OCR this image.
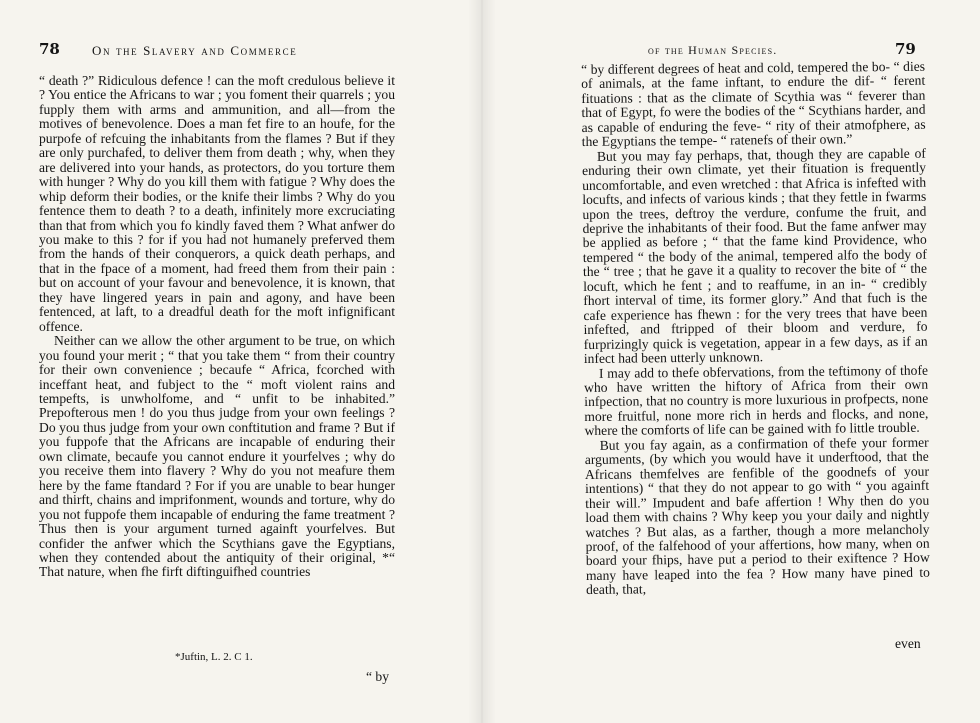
78 On the Slavery and Commerce

“ death ?” Ridiculous defence ! can the moft credulous believe it ? You entice the Africans to war ; you foment their quarrels ; you fupply them with arms and ammunition, and all—from the motives of benevolence. Does a man fet fire to an houfe, for the purpofe of refcuing the inhabitants from the flames ? But if they are only purchafed, to deliver them from death ; why, when they are delivered into your hands, as protectors, do you torture them with hunger ? Why do you kill them with fatigue ? Why does the whip deform their bodies, or the knife their limbs ? Why do you fentence them to death ? to a death, infinitely more excruciating than that from which you fo kindly faved them ? What anfwer do you make to this ? for if you had not humanely preferved them from the hands of their conquerors, a quick death perhaps, and that in the fpace of a moment, had freed them from their pain : but on account of your favour and benevolence, it is known, that they have lingered years in pain and agony, and have been fentenced, at laft, to a dreadful death for the moft infignificant offence.

Neither can we allow the other argument to be true, on which you found your merit ; “ that you take them “ from their country for their own convenience ; becaufe “ Africa, fcorched with inceffant heat, and fubject to the “ moft violent rains and tempefts, is unwholfome, and “ unfit to be inhabited.” Prepofterous men ! do you thus judge from your own feelings ? Do you thus judge from your own conftitution and frame ? But if you fuppofe that the Africans are incapable of enduring their own climate, becaufe you cannot endure it yourfelves ; why do you receive them into flavery ? Why do you not meafure them here by the fame ftandard ? For if you are unable to bear hunger and thirft, chains and imprifonment, wounds and torture, why do you not fuppofe them incapable of enduring the fame treatment ? Thus then is your argument turned againft yourfelves. But confider the anfwer which the Scythians gave the Egyptians, when they contended about the antiquity of their original, *“ That nature, when fhe firft diftinguifhed countries

*Juftin, L. 2. C 1.
“ by
of the Human Species.	79

“ by different degrees of heat and cold, tempered the bo- “ dies of animals, at the fame inftant, to endure the dif- “ ferent fituations : that as the climate of Scythia was “ feverer than that of Egypt, fo were the bodies of the “ Scythians harder, and as capable of enduring the feve- “ rity of their atmofphere, as the Egyptians the tempe- “ ratenefs of their own.”

But you may fay perhaps, that, though they are capable of enduring their own climate, yet their fituation is frequently uncomfortable, and even wretched : that Africa is infefted with locufts, and infects of various kinds ; that they fettle in fwarms upon the trees, deftroy the verdure, confume the fruit, and deprive the inhabitants of their food. But the fame anfwer may be applied as before ; “ that the fame kind Providence, who tempered “ the body of the animal, tempered alfo the body of the “ tree ; that he gave it a quality to recover the bite of “ the locuft, which he fent ; and to reaffume, in an in- “ credibly fhort interval of time, its former glory.” And that fuch is the cafe experience has fhewn : for the very trees that have been infefted, and ftripped of their bloom and verdure, fo furprizingly quick is vegetation, appear in a few days, as if an infect had been utterly unknown.

I may add to thefe obfervations, from the teftimony of thofe who have written the hiftory of Africa from their own infpection, that no country is more luxurious in profpects, none more fruitful, none more rich in herds and flocks, and none, where the comforts of life can be gained with fo little trouble.

But you fay again, as a confirmation of thefe your former arguments, (by which you would have it underftood, that the Africans themfelves are fenfible of the goodnefs of your intentions) “ that they do not appear to go with “ you againft their will.” Impudent and bafe affertion ! Why then do you load them with chains ? Why keep you your daily and nightly watches ? But alas, as a farther, though a more melancholy proof, of the falfehood of your affertions, how many, when on board your fhips, have put a period to their exiftence ? How many have leaped into the fea ? How many have pined to death, that,

even
